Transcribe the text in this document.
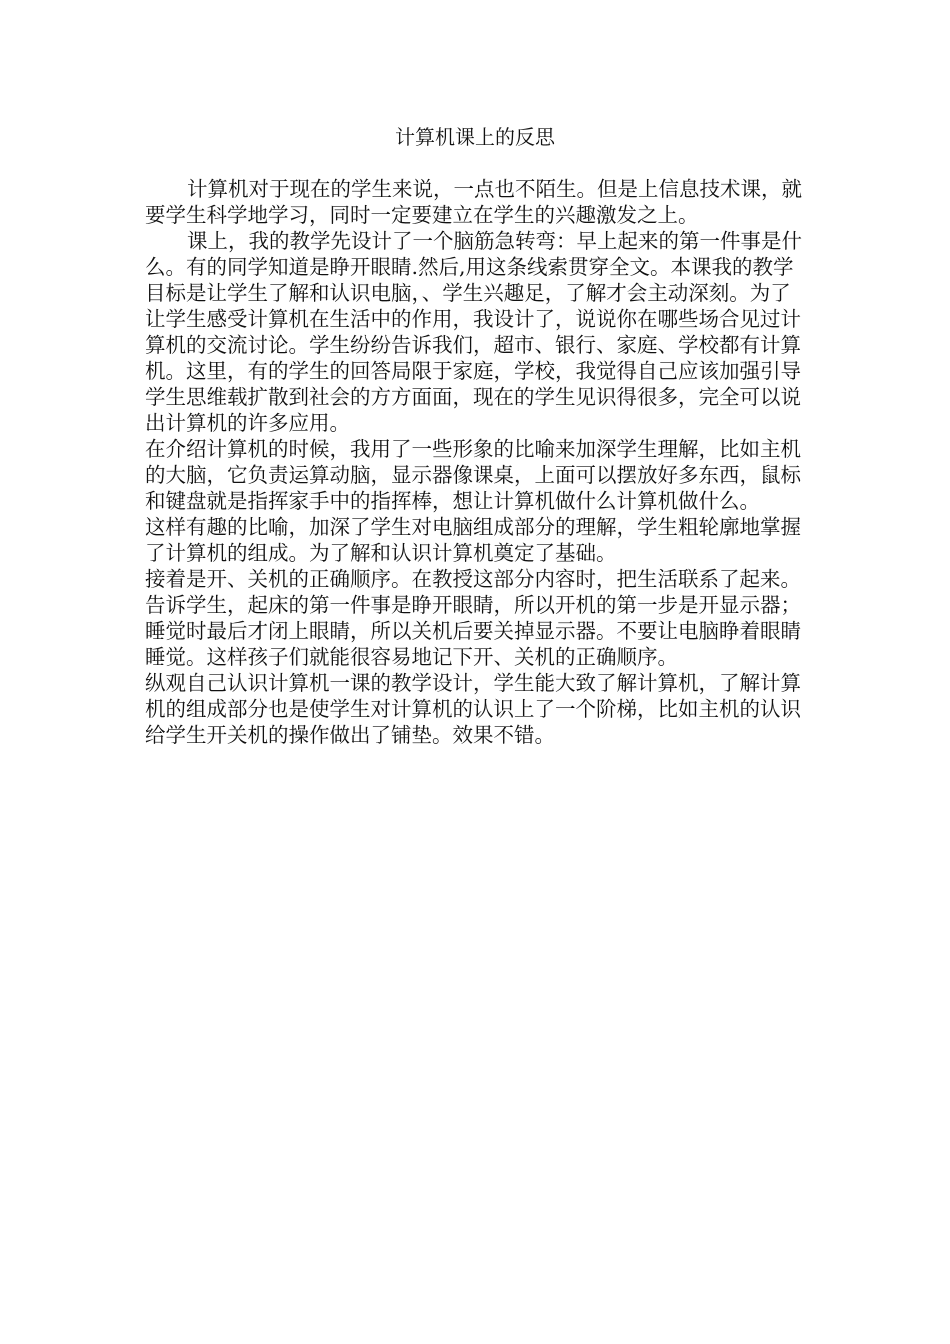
计算机课上的反思

计算机对于现在的学生来说，一点也不陌生。但是上信息技术课，就要学生科学地学习，同时一定要建立在学生的兴趣激发之上。

课上，我的教学先设计了一个脑筋急转弯：早上起来的第一件事是什么。有的同学知道是睁开眼睛.然后,用这条线索贯穿全文。本课我的教学目标是让学生了解和认识电脑，、学生兴趣足，了解才会主动深刻。为了让学生感受计算机在生活中的作用，我设计了，说说你在哪些场合见过计算机的交流讨论。学生纷纷告诉我们，超市、银行、家庭、学校都有计算机。这里，有的学生的回答局限于家庭，学校，我觉得自己应该加强引导学生思维载扩散到社会的方方面面，现在的学生见识得很多，完全可以说出计算机的许多应用。

在介绍计算机的时候，我用了一些形象的比喻来加深学生理解，比如主机的大脑，它负责运算动脑，显示器像课桌，上面可以摆放好多东西，鼠标和键盘就是指挥家手中的指挥棒，想让计算机做什么计算机做什么。

这样有趣的比喻，加深了学生对电脑组成部分的理解，学生粗轮廓地掌握了计算机的组成。为了解和认识计算机奠定了基础。

接着是开、关机的正确顺序。在教授这部分内容时，把生活联系了起来。告诉学生，起床的第一件事是睁开眼睛，所以开机的第一步是开显示器；睡觉时最后才闭上眼睛，所以关机后要关掉显示器。不要让电脑睁着眼睛睡觉。这样孩子们就能很容易地记下开、关机的正确顺序。

纵观自己认识计算机一课的教学设计，学生能大致了解计算机，了解计算机的组成部分也是使学生对计算机的认识上了一个阶梯，比如主机的认识给学生开关机的操作做出了铺垫。效果不错。
